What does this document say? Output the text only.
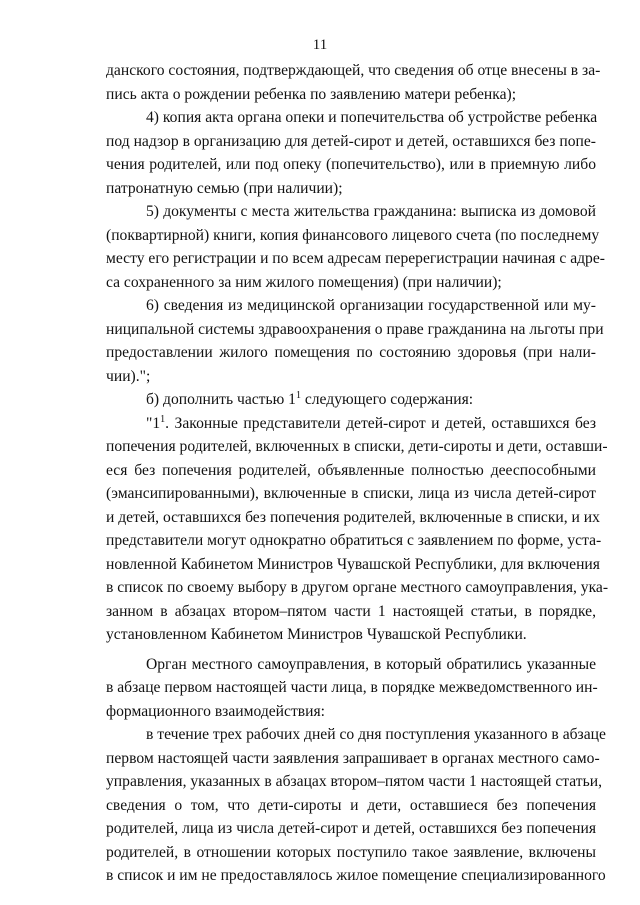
11
данского состояния, подтверждающей, что сведения об отце внесены в за-
пись акта о рождении ребенка по заявлению матери ребенка);
4) копия акта органа опеки и попечительства об устройстве ребенка
под надзор в организацию для детей-сирот и детей, оставшихся без попе-
чения родителей, или под опеку (попечительство), или в приемную либо
патронатную семью (при наличии);
5) документы с места жительства гражданина: выписка из домовой
(поквартирной) книги, копия финансового лицевого счета (по последнему
месту его регистрации и по всем адресам перерегистрации начиная с адре-
са сохраненного за ним жилого помещения) (при наличии);
6) сведения из медицинской организации государственной или му-
ниципальной системы здравоохранения о праве гражданина на льготы при
предоставлении жилого помещения по состоянию здоровья (при нали-
чии).";
б) дополнить частью $1^1$ следующего содержания:
"$1^1$. Законные представители детей-сирот и детей, оставшихся без
попечения родителей, включенных в списки, дети-сироты и дети, оставши-
еся без попечения родителей, объявленные полностью дееспособными
(эмансипированными), включенные в списки, лица из числа детей-сирот
и детей, оставшихся без попечения родителей, включенные в списки, и их
представители могут однократно обратиться с заявлением по форме, уста-
новленной Кабинетом Министров Чувашской Республики, для включения
в список по своему выбору в другом органе местного самоуправления, ука-
занном в абзацах втором–пятом части 1 настоящей статьи, в порядке,
установленном Кабинетом Министров Чувашской Республики.
Орган местного самоуправления, в который обратились указанные
в абзаце первом настоящей части лица, в порядке межведомственного ин-
формационного взаимодействия:
в течение трех рабочих дней со дня поступления указанного в абзаце
первом настоящей части заявления запрашивает в органах местного само-
управления, указанных в абзацах втором–пятом части 1 настоящей статьи,
сведения о том, что дети-сироты и дети, оставшиеся без попечения
родителей, лица из числа детей-сирот и детей, оставшихся без попечения
родителей, в отношении которых поступило такое заявление, включены
в список и им не предоставлялось жилое помещение специализированного
